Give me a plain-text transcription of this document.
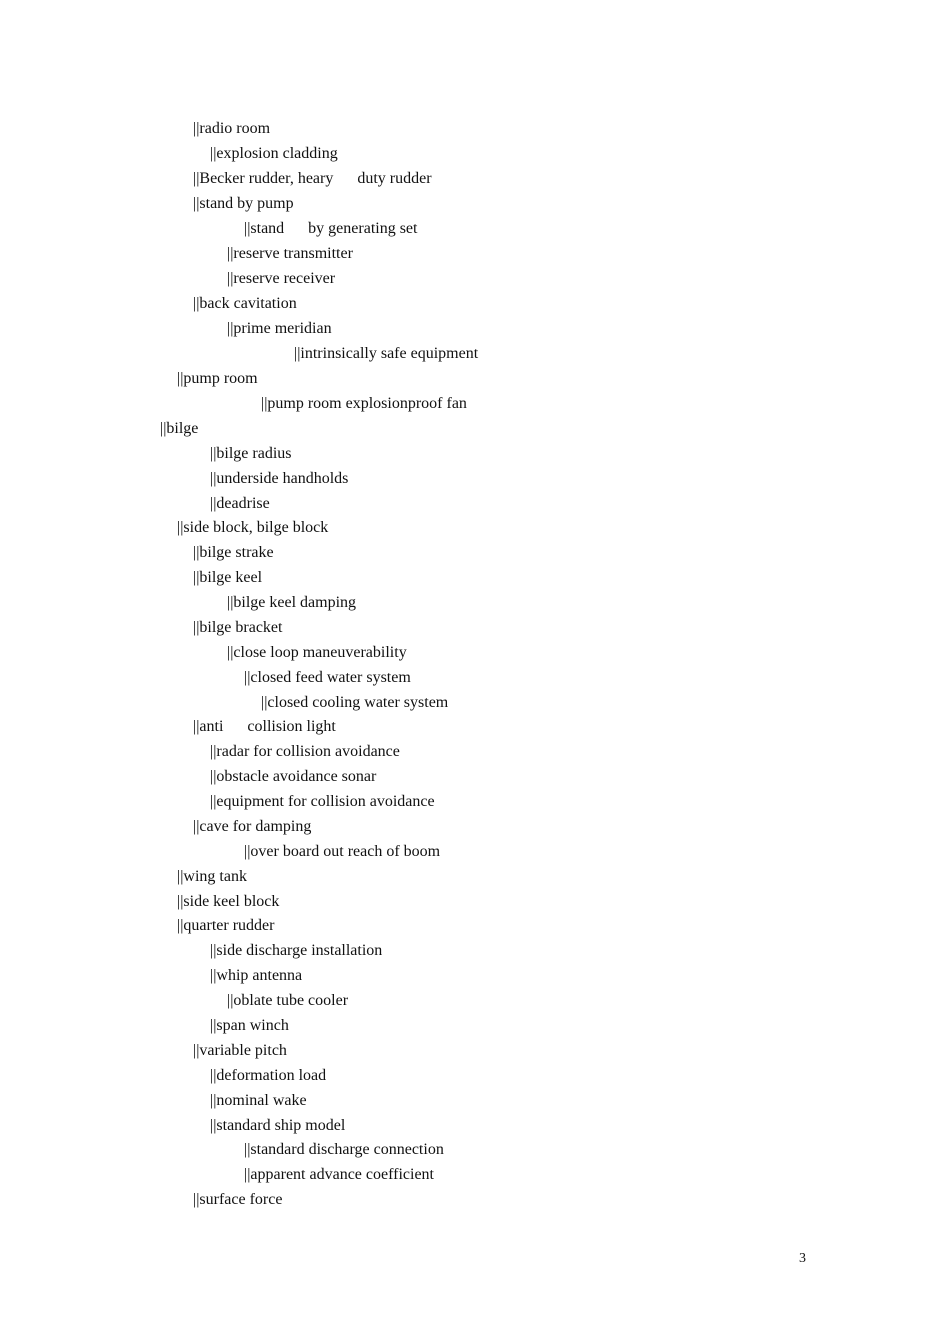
||radio room
||explosion cladding
||Becker rudder, heary      duty rudder
||stand by pump
||stand      by generating set
||reserve transmitter
||reserve receiver
||back cavitation
||prime meridian
||intrinsically safe equipment
||pump room
||pump room explosionproof fan
||bilge
||bilge radius
||underside handholds
||deadrise
||side block, bilge block
||bilge strake
||bilge keel
||bilge keel damping
||bilge bracket
||close loop maneuverability
||closed feed water system
||closed cooling water system
||anti      collision light
||radar for collision avoidance
||obstacle avoidance sonar
||equipment for collision avoidance
||cave for damping
||over board out reach of boom
||wing tank
||side keel block
||quarter rudder
||side discharge installation
||whip antenna
||oblate tube cooler
||span winch
||variable pitch
||deformation load
||nominal wake
||standard ship model
||standard discharge connection
||apparent advance coefficient
||surface force
3
